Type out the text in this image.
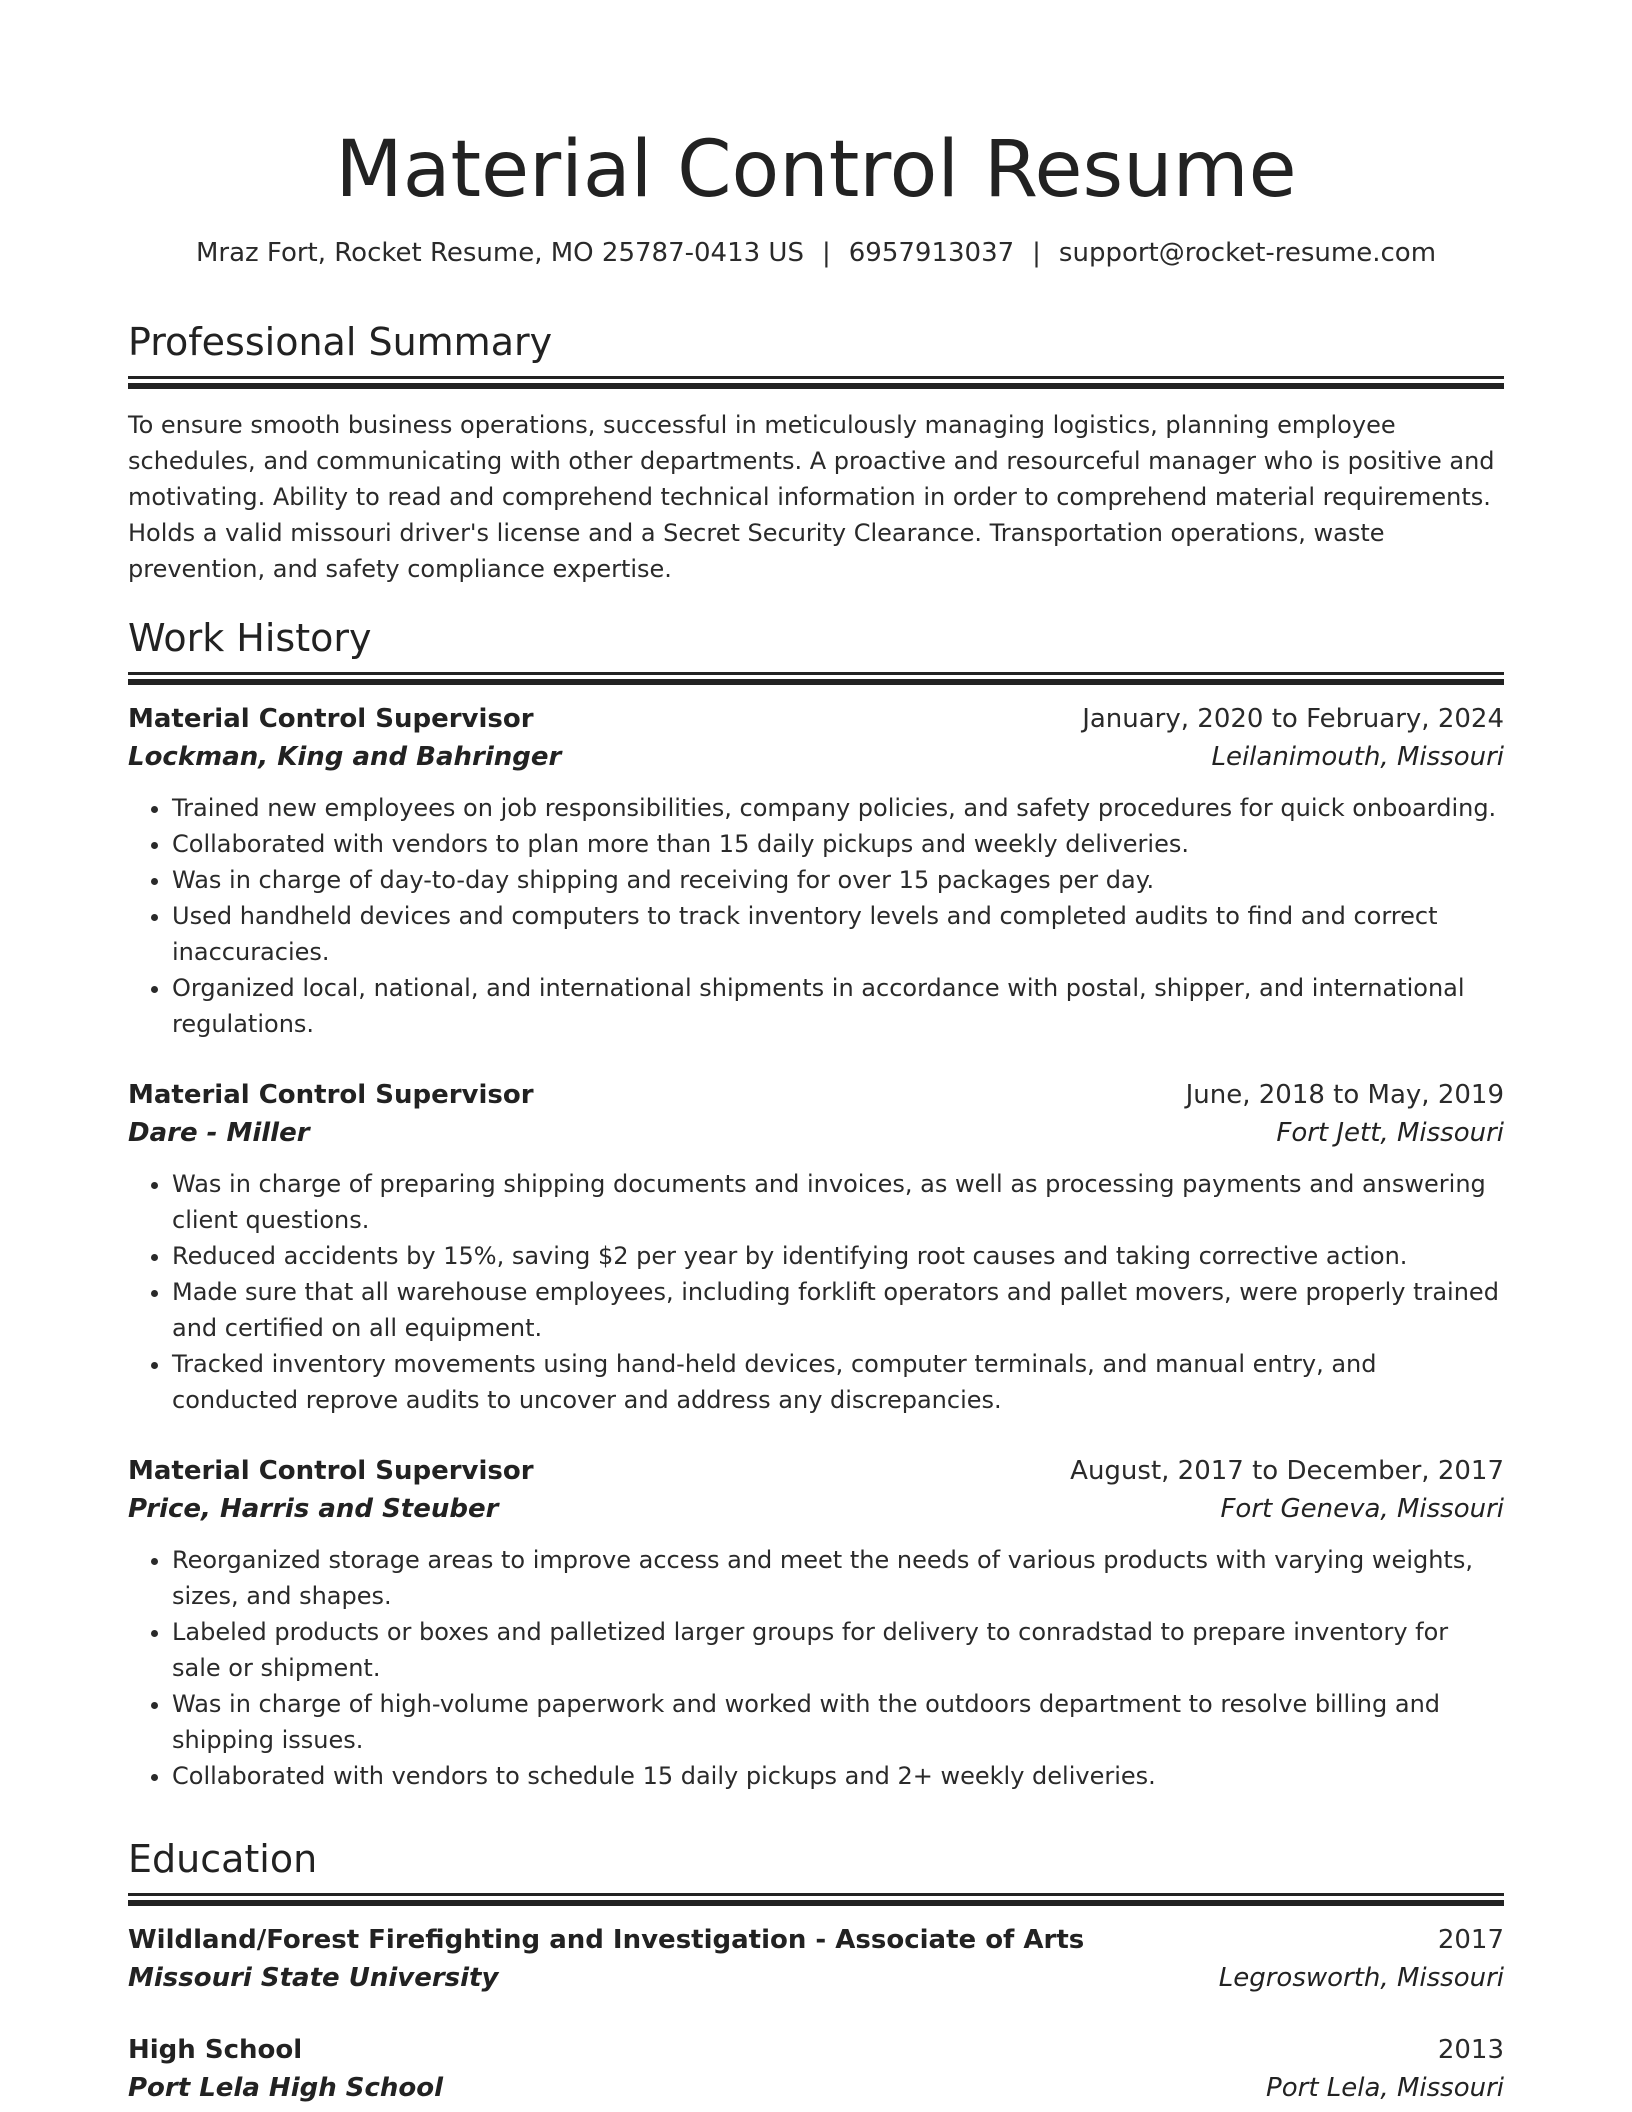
Material Control Resume
Mraz Fort, Rocket Resume, MO 25787-0413 US | 6957913037 | support@rocket-resume.com
Professional Summary
To ensure smooth business operations, successful in meticulously managing logistics, planning employee schedules, and communicating with other departments. A proactive and resourceful manager who is positive and motivating. Ability to read and comprehend technical information in order to comprehend material requirements. Holds a valid missouri driver's license and a Secret Security Clearance. Transportation operations, waste prevention, and safety compliance expertise.
Work History
Material Control Supervisor	January, 2020 to February, 2024
Lockman, King and Bahringer	Leilanimouth, Missouri
• Trained new employees on job responsibilities, company policies, and safety procedures for quick onboarding.
• Collaborated with vendors to plan more than 15 daily pickups and weekly deliveries.
• Was in charge of day-to-day shipping and receiving for over 15 packages per day.
• Used handheld devices and computers to track inventory levels and completed audits to find and correct inaccuracies.
• Organized local, national, and international shipments in accordance with postal, shipper, and international regulations.
Material Control Supervisor	June, 2018 to May, 2019
Dare - Miller	Fort Jett, Missouri
• Was in charge of preparing shipping documents and invoices, as well as processing payments and answering client questions.
• Reduced accidents by 15%, saving $2 per year by identifying root causes and taking corrective action.
• Made sure that all warehouse employees, including forklift operators and pallet movers, were properly trained and certified on all equipment.
• Tracked inventory movements using hand-held devices, computer terminals, and manual entry, and conducted reprove audits to uncover and address any discrepancies.
Material Control Supervisor	August, 2017 to December, 2017
Price, Harris and Steuber	Fort Geneva, Missouri
• Reorganized storage areas to improve access and meet the needs of various products with varying weights, sizes, and shapes.
• Labeled products or boxes and palletized larger groups for delivery to conradstad to prepare inventory for sale or shipment.
• Was in charge of high-volume paperwork and worked with the outdoors department to resolve billing and shipping issues.
• Collaborated with vendors to schedule 15 daily pickups and 2+ weekly deliveries.
Education
Wildland/Forest Firefighting and Investigation - Associate of Arts	2017
Missouri State University	Legrosworth, Missouri
High School	2013
Port Lela High School	Port Lela, Missouri
